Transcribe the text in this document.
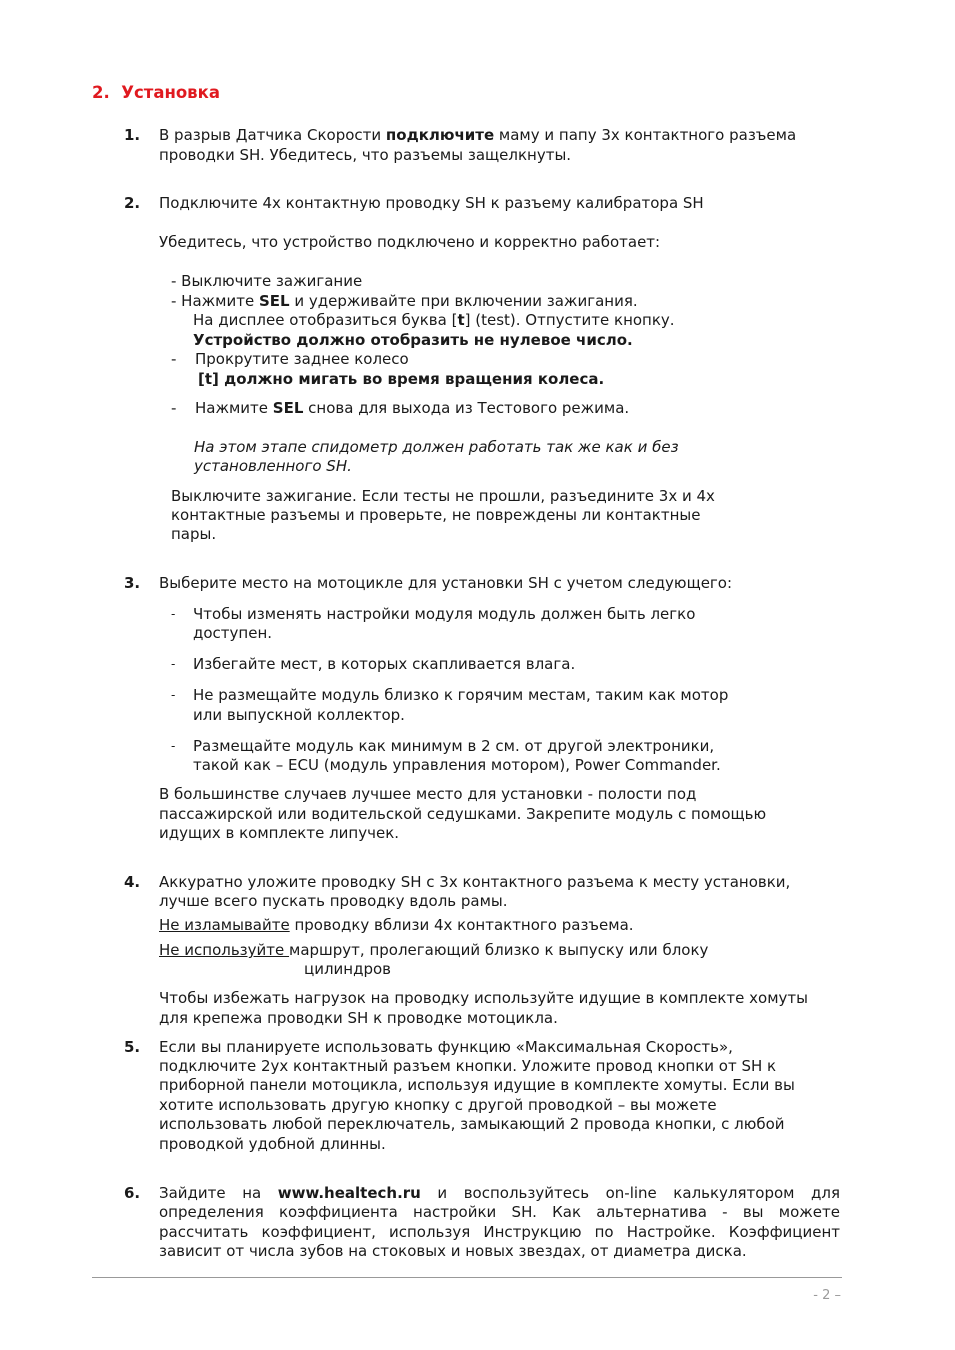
2. Установка
1. В разрыв Датчика Скорости подключите маму и папу 3х контактного разъема
проводки SH. Убедитесь, что разъемы защелкнуты.
2. Подключите 4х контактную проводку SH к разъему калибратора SH
Убедитесь, что устройство подключено и корректно работает:
- Выключите зажигание
- Нажмите SEL и удерживайте при включении зажигания.
На дисплее отобразиться буква [t] (test). Отпустите кнопку.
Устройство должно отобразить не нулевое число.
- Прокрутите заднее колесо
[t] должно мигать во время вращения колеса.
- Нажмите SEL снова для выхода из Тестового режима.
На этом этапе спидометр должен работать так же как и без
установленного SH.
Выключите зажигание. Если тесты не прошли, разъедините 3х и 4х
контактные разъемы и проверьте, не повреждены ли контактные
пары.
3. Выберите место на мотоцикле для установки SH с учетом следующего:
- Чтобы изменять настройки модуля модуль должен быть легко
доступен.
- Избегайте мест, в которых скапливается влага.
- Не размещайте модуль близко к горячим местам, таким как мотор
или выпускной коллектор.
- Размещайте модуль как минимум в 2 см. от другой электроники,
такой как – ECU (модуль управления мотором), Power Commander.
В большинстве случаев лучшее место для установки - полости под
пассажирской или водительской седушками. Закрепите модуль с помощью
идущих в комплекте липучек.
4. Аккуратно уложите проводку SH с 3х контактного разъема к месту установки,
лучше всего пускать проводку вдоль рамы.
Не изламывайте проводку вблизи 4х контактного разъема.
Не используйте маршрут, пролегающий близко к выпуску или блоку
цилиндров
Чтобы избежать нагрузок на проводку используйте идущие в комплекте хомуты
для крепежа проводки SH к проводке мотоцикла.
5. Если вы планируете использовать функцию «Максимальная Скорость»,
подключите 2ух контактный разъем кнопки. Уложите провод кнопки от SH к
приборной панели мотоцикла, используя идущие в комплекте хомуты. Если вы
хотите использовать другую кнопку с другой проводкой – вы можете
использовать любой переключатель, замыкающий 2 провода кнопки, с любой
проводкой удобной длинны.
6. Зайдите на www.healtech.ru и воспользуйтесь on-line калькулятором для
определения коэффициента настройки SH. Как альтернатива - вы можете
рассчитать коэффициент, используя Инструкцию по Настройке. Коэффициент
зависит от числа зубов на стоковых и новых звездах, от диаметра диска.
- 2 –
